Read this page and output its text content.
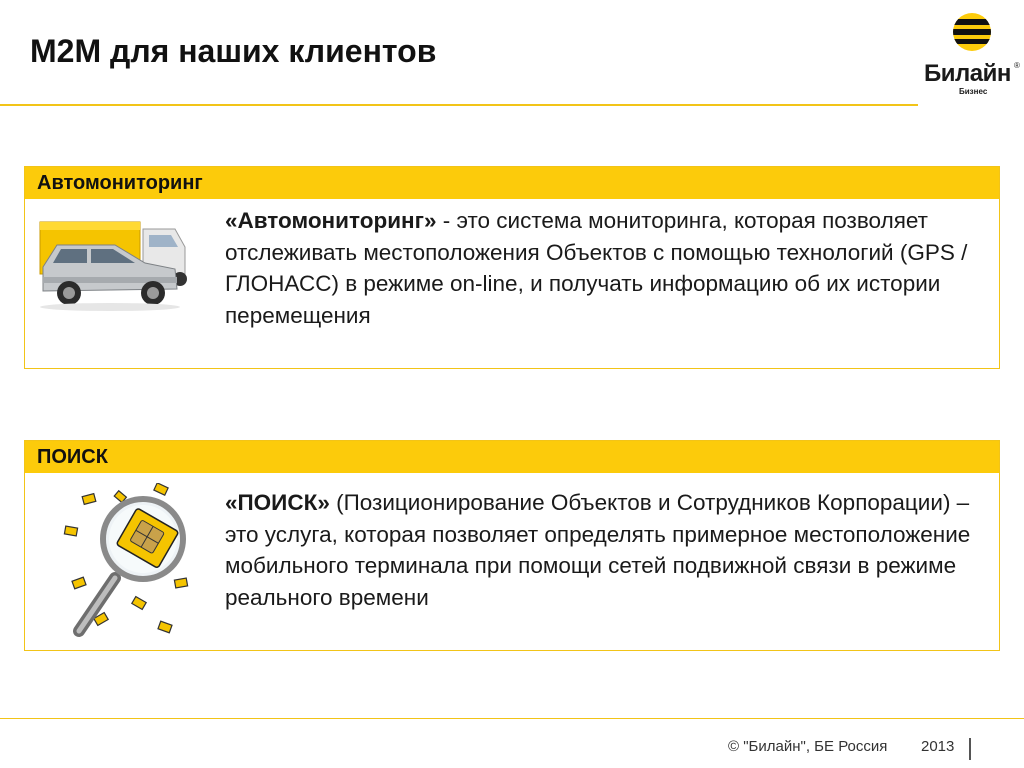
M2M для наших клиентов
Билайн ®
Бизнес
Автомониторинг
«Автомониторинг» - это система мониторинга, которая позволяет отслеживать местоположения Объектов с помощью технологий (GPS / ГЛОНАСС) в режиме on-line, и получать информацию об их истории перемещения
ПОИСК
«ПОИСК» (Позиционирование Объектов и Сотрудников Корпорации) – это услуга, которая позволяет определять примерное местоположение мобильного терминала при помощи сетей подвижной связи в режиме реального времени
© "Билайн", БЕ Россия 2013
